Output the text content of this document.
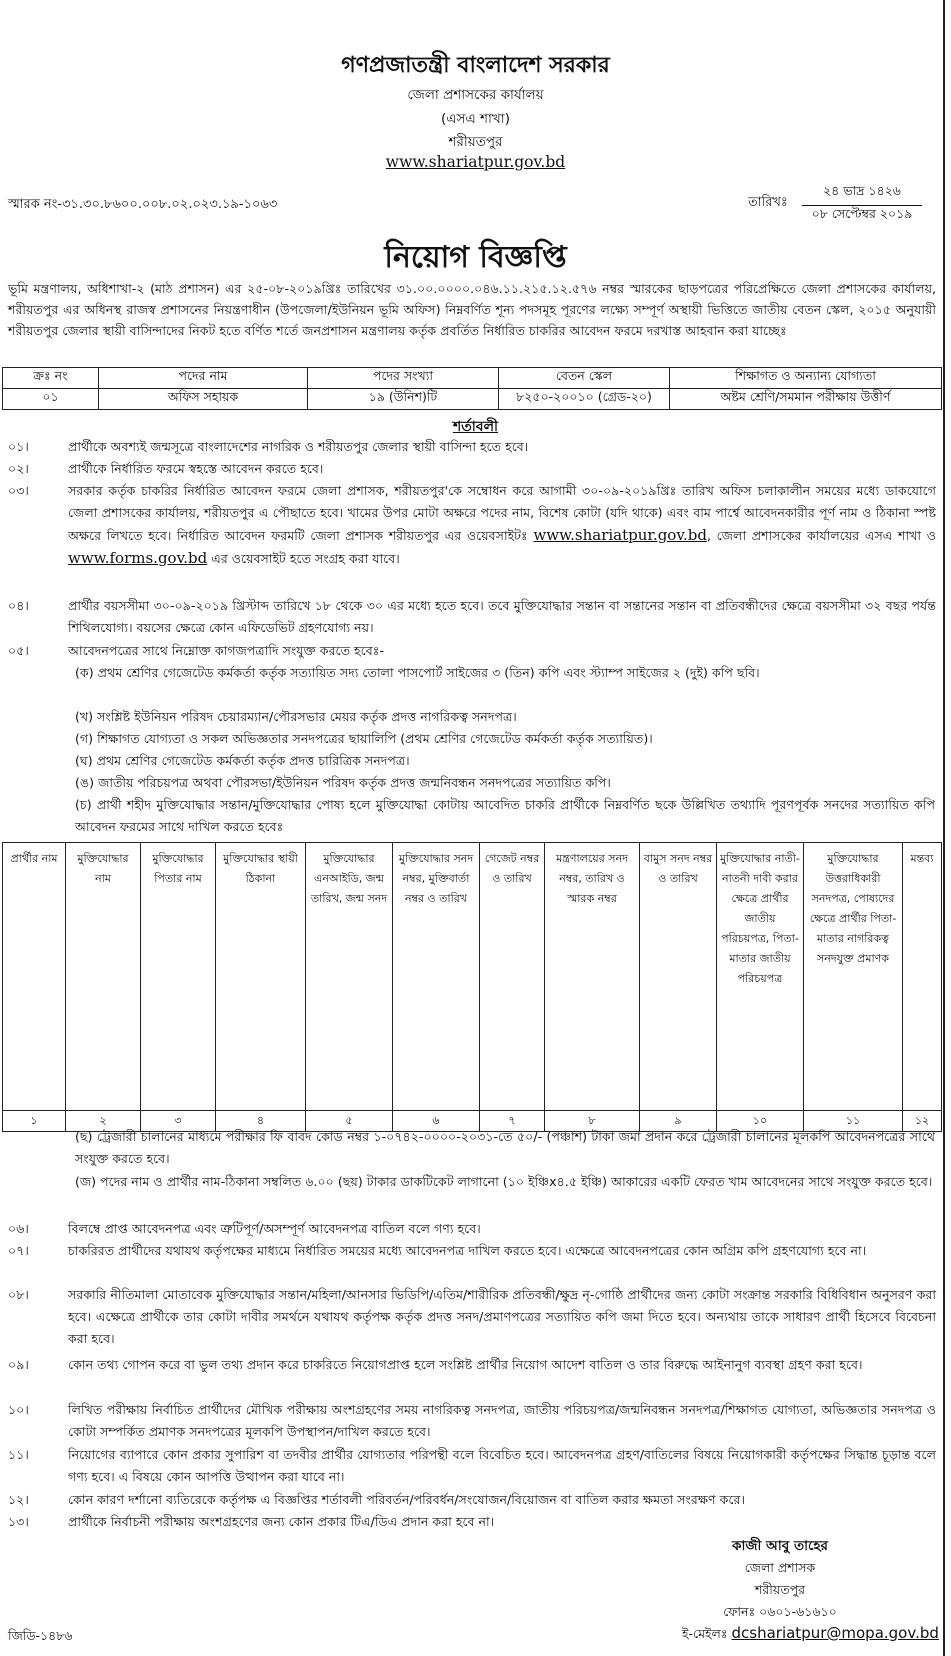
গণপ্রজাতন্ত্রী বাংলাদেশ সরকার
জেলা প্রশাসকের কার্যালয়
(এসএ শাখা)
শরীয়তপুর
www.shariatpur.gov.bd
স্মারক নং-৩১.৩০.৮৬০০.০০৮.০২.০২৩.১৯-১০৬৩	তারিখঃ
২৪ ভাদ্র ১৪২৬
০৮ সেপ্টেম্বর ২০১৯
নিয়োগ বিজ্ঞপ্তি
ভূমি মন্ত্রণালয়, অধিশাখা-২ (মাঠ প্রশাসন) এর ২৫-০৮-২০১৯খ্রিঃ তারিখের ৩১.০০.০০০০.০৪৬.১১.২১৫.১২.৫৭৬ নম্বর স্মারকের ছাড়পত্রের পরিপ্রেক্ষিতে জেলা প্রশাসকের কার্যালয়, শরীয়তপুর এর অধিনস্থ রাজস্ব প্রশাসনের নিয়ন্ত্রণাধীন (উপজেলা/ইউনিয়ন ভূমি অফিস) নিম্নবর্ণিত শূন্য পদসমূহ পূরণের লক্ষ্যে সম্পূর্ণ অস্থায়ী ভিত্তিতে জাতীয় বেতন স্কেল, ২০১৫ অনুযায়ী শরীয়তপুর জেলার স্থায়ী বাসিন্দাদের নিকট হতে বর্ণিত শর্তে জনপ্রশাসন মন্ত্রণালয় কর্তৃক প্রবর্তিত নির্ধারিত চাকরির আবেদন ফরমে দরখাস্ত আহবান করা যাচ্ছেঃ
ক্রঃ নং	পদের নাম	পদের সংখ্যা	বেতন স্কেল	শিক্ষাগত ও অন্যান্য যোগ্যতা
০১	অফিস সহায়ক	১৯ (উনিশ)টি	৮২৫০-২০০১০ (গ্রেড-২০)	অষ্টম শ্রেণি/সমমান পরীক্ষায় উত্তীর্ণ
শর্তাবলী
০১।	প্রার্থীকে অবশ্যই জন্মসূত্রে বাংলাদেশের নাগরিক ও শরীয়তপুর জেলার স্থায়ী বাসিন্দা হতে হবে।
০২।	প্রার্থীকে নির্ধারিত ফরমে স্বহস্তে আবেদন করতে হবে।
০৩।	সরকার কর্তৃক চাকরির নির্ধারিত আবেদন ফরমে জেলা প্রশাসক, শরীয়তপুর'কে সম্বোধন করে আগামী ৩০-০৯-২০১৯খ্রিঃ তারিখ অফিস চলাকালীন সময়ের মধ্যে ডাকযোগে জেলা প্রশাসকের কার্যালয়, শরীয়তপুর এ পৌছাতে হবে। খামের উপর মোটা অক্ষরে পদের নাম, বিশেষ কোটা (যদি থাকে) এবং বাম পার্শ্বে আবেদনকারীর পূর্ণ নাম ও ঠিকানা স্পষ্ট অক্ষরে লিখতে হবে। নির্ধারিত আবেদন ফরমটি জেলা প্রশাসক শরীয়তপুর এর ওয়েবসাইটঃ www.shariatpur.gov.bd, জেলা প্রশাসকের কার্যালয়ের এসএ শাখা ও www.forms.gov.bd এর ওয়েবসাইট হতে সংগ্রহ করা যাবে।
০৪।	প্রার্থীর বয়সসীমা ৩০-০৯-২০১৯ খ্রিস্টাব্দ তারিখে ১৮ থেকে ৩০ এর মধ্যে হতে হবে। তবে মুক্তিযোদ্ধার সন্তান বা সন্তানের সন্তান বা প্রতিবন্ধীদের ক্ষেত্রে বয়সসীমা ৩২ বছর পর্যন্ত শিথিলযোগ্য। বয়সের ক্ষেত্রে কোন এফিডেভিট গ্রহণযোগ্য নয়।
০৫।	আবেদনপত্রের সাথে নিম্নোক্ত কাগজপত্রাদি সংযুক্ত করতে হবেঃ-
(ক) প্রথম শ্রেণির গেজেটেড কর্মকর্তা কর্তৃক সত্যায়িত সদ্য তোলা পাসপোর্ট সাইজের ৩ (তিন) কপি এবং স্ট্যাম্প সাইজের ২ (দুই) কপি ছবি।
(খ) সংশ্লিষ্ট ইউনিয়ন পরিষদ চেয়ারম্যান/পৌরসভার মেয়র কর্তৃক প্রদত্ত নাগরিকত্ব সনদপত্র।
(গ) শিক্ষাগত যোগ্যতা ও সকল অভিজ্ঞতার সনদপত্রের ছায়ালিপি (প্রথম শ্রেণির গেজেটেড কর্মকর্তা কর্তৃক সত্যায়িত)।
(ঘ) প্রথম শ্রেণির গেজেটেড কর্মকর্তা কর্তৃক প্রদত্ত চারিত্রিক সনদপত্র।
(ঙ) জাতীয় পরিচয়পত্র অথবা পৌরসভা/ইউনিয়ন পরিষদ কর্তৃক প্রদত্ত জন্মনিবন্ধন সনদপত্রের সত্যায়িত কপি।
(চ) প্রার্থী শহীদ মুক্তিযোদ্ধার সন্তান/মুক্তিযোদ্ধার পোষ্য হলে মুক্তিযোদ্ধা কোটায় আবেদিত চাকরি প্রার্থীকে নিম্নবর্ণিত ছকে উল্লিখিত তথ্যাদি পূরণপূর্বক সনদের সত্যায়িত কপি আবেদন ফরমের সাথে দাখিল করতে হবেঃ
প্রার্থীর নাম	মুক্তিযোদ্ধার নাম	মুক্তিযোদ্ধার পিতার নাম	মুক্তিযোদ্ধার স্থায়ী ঠিকানা	মুক্তিযোদ্ধার এনআইডি, জন্ম তারিখ, জন্ম সনদ	মুক্তিযোদ্ধার সনদ নম্বর, মুক্তিবার্তা নম্বর ও তারিখ	গেজেট নম্বর ও তারিখ	মন্ত্রণালয়ের সনদ নম্বর, তারিখ ও স্মারক নম্বর	বামুস সনদ নম্বর ও তারিখ	মুক্তিযোদ্ধার নাতী-নাতনী দাবী করার ক্ষেত্রে প্রার্থীর জাতীয় পরিচয়পত্র, পিতা-মাতার জাতীয় পরিচয়পত্র	মুক্তিযোদ্ধার উত্তরাধিকারী সনদপত্র, পোষ্যদের ক্ষেত্রে প্রার্থীর পিতা-মাতার নাগরিকত্ব সনদযুক্ত প্রমাণক	মন্তব্য
১	২	৩	৪	৫	৬	৭	৮	৯	১০	১১	১২
(ছ) ট্রেজারী চালানের মাধ্যমে পরীক্ষার ফি বাবদ কোড নম্বর ১-০৭৪২-০০০০-২০৩১-তে ৫০/- (পঞ্চাশ) টাকা জমা প্রদান করে ট্রেজারী চালানের মূলকপি আবেদনপত্রের সাথে সংযুক্ত করতে হবে।
(জ) পদের নাম ও প্রার্থীর নাম-ঠিকানা সম্বলিত ৬.০০ (ছয়) টাকার ডাকটিকেট লাগানো (১০ ইঞ্চিx৪.৫ ইঞ্চি) আকারের একটি ফেরত খাম আবেদনের সাথে সংযুক্ত করতে হবে।
০৬।	বিলম্বে প্রাপ্ত আবেদনপত্র এবং ত্রুটিপূর্ণ/অসম্পূর্ণ আবেদনপত্র বাতিল বলে গণ্য হবে।
০৭।	চাকরিরত প্রার্থীদের যথাযথ কর্তৃপক্ষের মাধ্যমে নির্ধারিত সময়ের মধ্যে আবেদনপত্র দাখিল করতে হবে। এক্ষেত্রে আবেদনপত্রের কোন অগ্রিম কপি গ্রহণযোগ্য হবে না।
০৮।	সরকারি নীতিমালা মোতাবেক মুক্তিযোদ্ধার সন্তান/মহিলা/আনসার ভিডিপি/এতিম/শারীরিক প্রতিবন্ধী/ক্ষুদ্র নৃ-গোষ্ঠি প্রার্থীদের জন্য কোটা সংক্রান্ত সরকারি বিধিবিধান অনুসরণ করা হবে। এক্ষেত্রে প্রার্থীকে তার কোটা দাবীর সমর্থনে যথাযথ কর্তৃপক্ষ কর্তৃক প্রদত্ত সনদ/প্রমাণপত্রের সত্যায়িত কপি জমা দিতে হবে। অন্যথায় তাকে সাধারণ প্রার্থী হিসেবে বিবেচনা করা হবে।
০৯।	কোন তথ্য গোপন করে বা ভুল তথ্য প্রদান করে চাকরিতে নিয়োগপ্রাপ্ত হলে সংশ্লিষ্ট প্রার্থীর নিয়োগ আদেশ বাতিল ও তার বিরুদ্ধে আইনানুগ ব্যবস্থা গ্রহণ করা হবে।
১০।	লিখিত পরীক্ষায় নির্বাচিত প্রার্থীদের মৌখিক পরীক্ষায় অংশগ্রহণের সময় নাগরিকত্ব সনদপত্র, জাতীয় পরিচয়পত্র/জন্মনিবন্ধন সনদপত্র/শিক্ষাগত যোগ্যতা, অভিজ্ঞতার সনদপত্র ও কোটা সম্পর্কিত প্রমাণক সনদপত্রের মূলকপি উপস্থাপন/দাখিল করতে হবে।
১১।	নিয়োগের ব্যাপারে কোন প্রকার সুপারিশ বা তদবীর প্রার্থীর যোগ্যতার পরিপন্থী বলে বিবেচিত হবে। আবেদনপত্র গ্রহণ/বাতিলের বিষয়ে নিয়োগকারী কর্তৃপক্ষের সিদ্ধান্ত চূড়ান্ত বলে গণ্য হবে। এ বিষয়ে কোন আপত্তি উত্থাপন করা যাবে না।
১২।	কোন কারণ দর্শানো ব্যতিরেকে কর্তৃপক্ষ এ বিজ্ঞপ্তির শর্তাবলী পরিবর্তন/পরিবর্ধন/সংযোজন/বিয়োজন বা বাতিল করার ক্ষমতা সংরক্ষণ করে।
১৩।	প্রার্থীকে নির্বাচনী পরীক্ষায় অংশগ্রহণের জন্য কোন প্রকার টিএ/ডিএ প্রদান করা হবে না।
কাজী আবু তাহের
জেলা প্রশাসক
শরীয়তপুর
ফোনঃ ০৬০১-৬১৬১০
জিডি-১৪৮৬	ই-মেইলঃ dcshariatpur@mopa.gov.bd
